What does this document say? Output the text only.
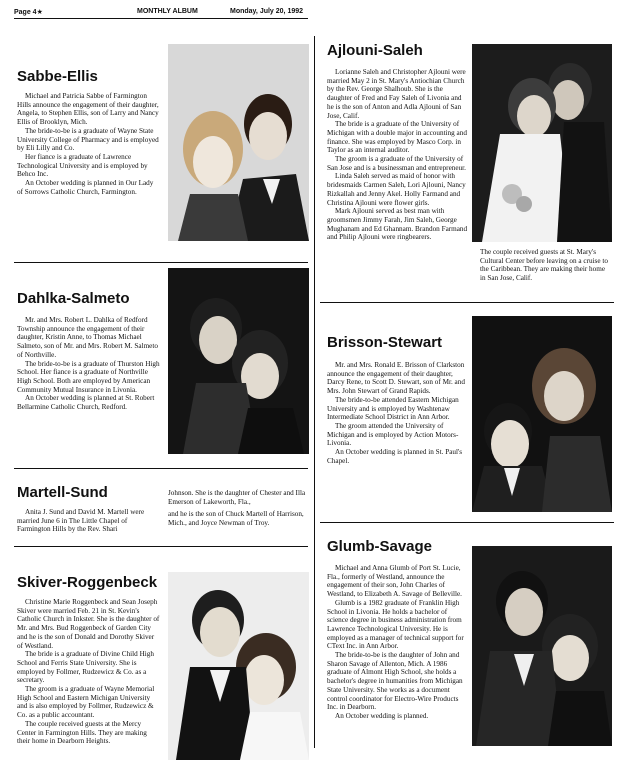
Page 4★	MONTHLY ALBUM	Monday, July 20, 1992
Sabbe-Ellis

Michael and Patricia Sabbe of Farmington Hills announce the engagement of their daughter, Angela, to Stephen Ellis, son of Larry and Nancy Ellis of Brooklyn, Mich.

The bride-to-be is a graduate of Wayne State University College of Pharmacy and is employed by Eli Lilly and Co.

Her fiance is a graduate of Lawrence Technological University and is employed by Behco Inc.

An October wedding is planned in Our Lady of Sorrows Catholic Church, Farmington.

Dahlka-Salmeto

Mr. and Mrs. Robert L. Dahlka of Redford Township announce the engagement of their daughter, Kristin Anne, to Thomas Michael Salmeto, son of Mr. and Mrs. Robert M. Salmeto of Northville.

The bride-to-be is a graduate of Thurston High School. Her fiance is a graduate of Northville High School. Both are employed by American Community Mutual Insurance in Livonia.

An October wedding is planned at St. Robert Bellarmine Catholic Church, Redford.

Martell-Sund

Anita J. Sund and David M. Martell were married June 6 in The Little Chapel of Farmington Hills by the Rev. Shari

Johnson. She is the daughter of Chester and Illa Emerson of Lakeworth, Fla.,

and he is the son of Chuck Martell of Harrison, Mich., and Joyce Newman of Troy.

Skiver-Roggenbeck

Christine Marie Roggenbeck and Sean Joseph Skiver were married Feb. 21 in St. Kevin's Catholic Church in Inkster. She is the daughter of Mr. and Mrs. Bud Roggenbeck of Garden City and he is the son of Donald and Dorothy Skiver of Westland.

The bride is a graduate of Divine Child High School and Ferris State University. She is employed by Follmer, Rudzewicz & Co. as a secretary.

The groom is a graduate of Wayne Memorial High School and Eastern Michigan University and is also employed by Follmer, Rudzewicz & Co. as a public accountant.

The couple received guests at the Mercy Center in Farmington Hills. They are making their home in Dearborn Heights.

Ajlouni-Saleh

Lorianne Saleh and Christopher Ajlouni were married May 2 in St. Mary's Antiochian Church by the Rev. George Shalhoub. She is the daughter of Fred and Fay Saleh of Livonia and he is the son of Anton and Adla Ajlouni of San Jose, Calif.

The bride is a graduate of the University of Michigan with a double major in accounting and finance. She was employed by Masco Corp. in Taylor as an internal auditor.

The groom is a graduate of the University of San Jose and is a businessman and entrepreneur.

Linda Saleh served as maid of honor with bridesmaids Carmen Saleh, Lori Ajlouni, Nancy Rizkallah and Jenny Akel. Holly Farmand and Christina Ajlouni were flower girls.

Mark Ajlouni served as best man with groomsmen Jimmy Farah, Jim Saleh, George Mughanam and Ed Ghannam. Brandon Farmand and Philip Ajlouni were ringbearers.

The couple received guests at St. Mary's Cultural Center before leaving on a cruise to the Caribbean. They are making their home in San Jose, Calif.
Brisson-Stewart

Mr. and Mrs. Ronald E. Brisson of Clarkston announce the engagement of their daughter, Darcy Rene, to Scott D. Stewart, son of Mr. and Mrs. John Stewart of Grand Rapids.

The bride-to-be attended Eastern Michigan University and is employed by Washtenaw Intermediate School District in Ann Arbor.

The groom attended the University of Michigan and is employed by Action Motors-Livonia.

An October wedding is planned in St. Paul's Chapel.

Glumb-Savage

Michael and Anna Glumb of Port St. Lucie, Fla., formerly of Westland, announce the engagement of their son, John Charles of Westland, to Elizabeth A. Savage of Belleville.

Glumb is a 1982 graduate of Franklin High School in Livonia. He holds a bachelor of science degree in business administration from Lawrence Technological University. He is employed as a manager of technical support for CText Inc. in Ann Arbor.

The bride-to-be is the daughter of John and Sharon Savage of Allenton, Mich. A 1986 graduate of Almont High School, she holds a bachelor's degree in humanities from Michigan State University. She works as a document control coordinator for Electro-Wire Products Inc. in Dearborn.

An October wedding is planned.
